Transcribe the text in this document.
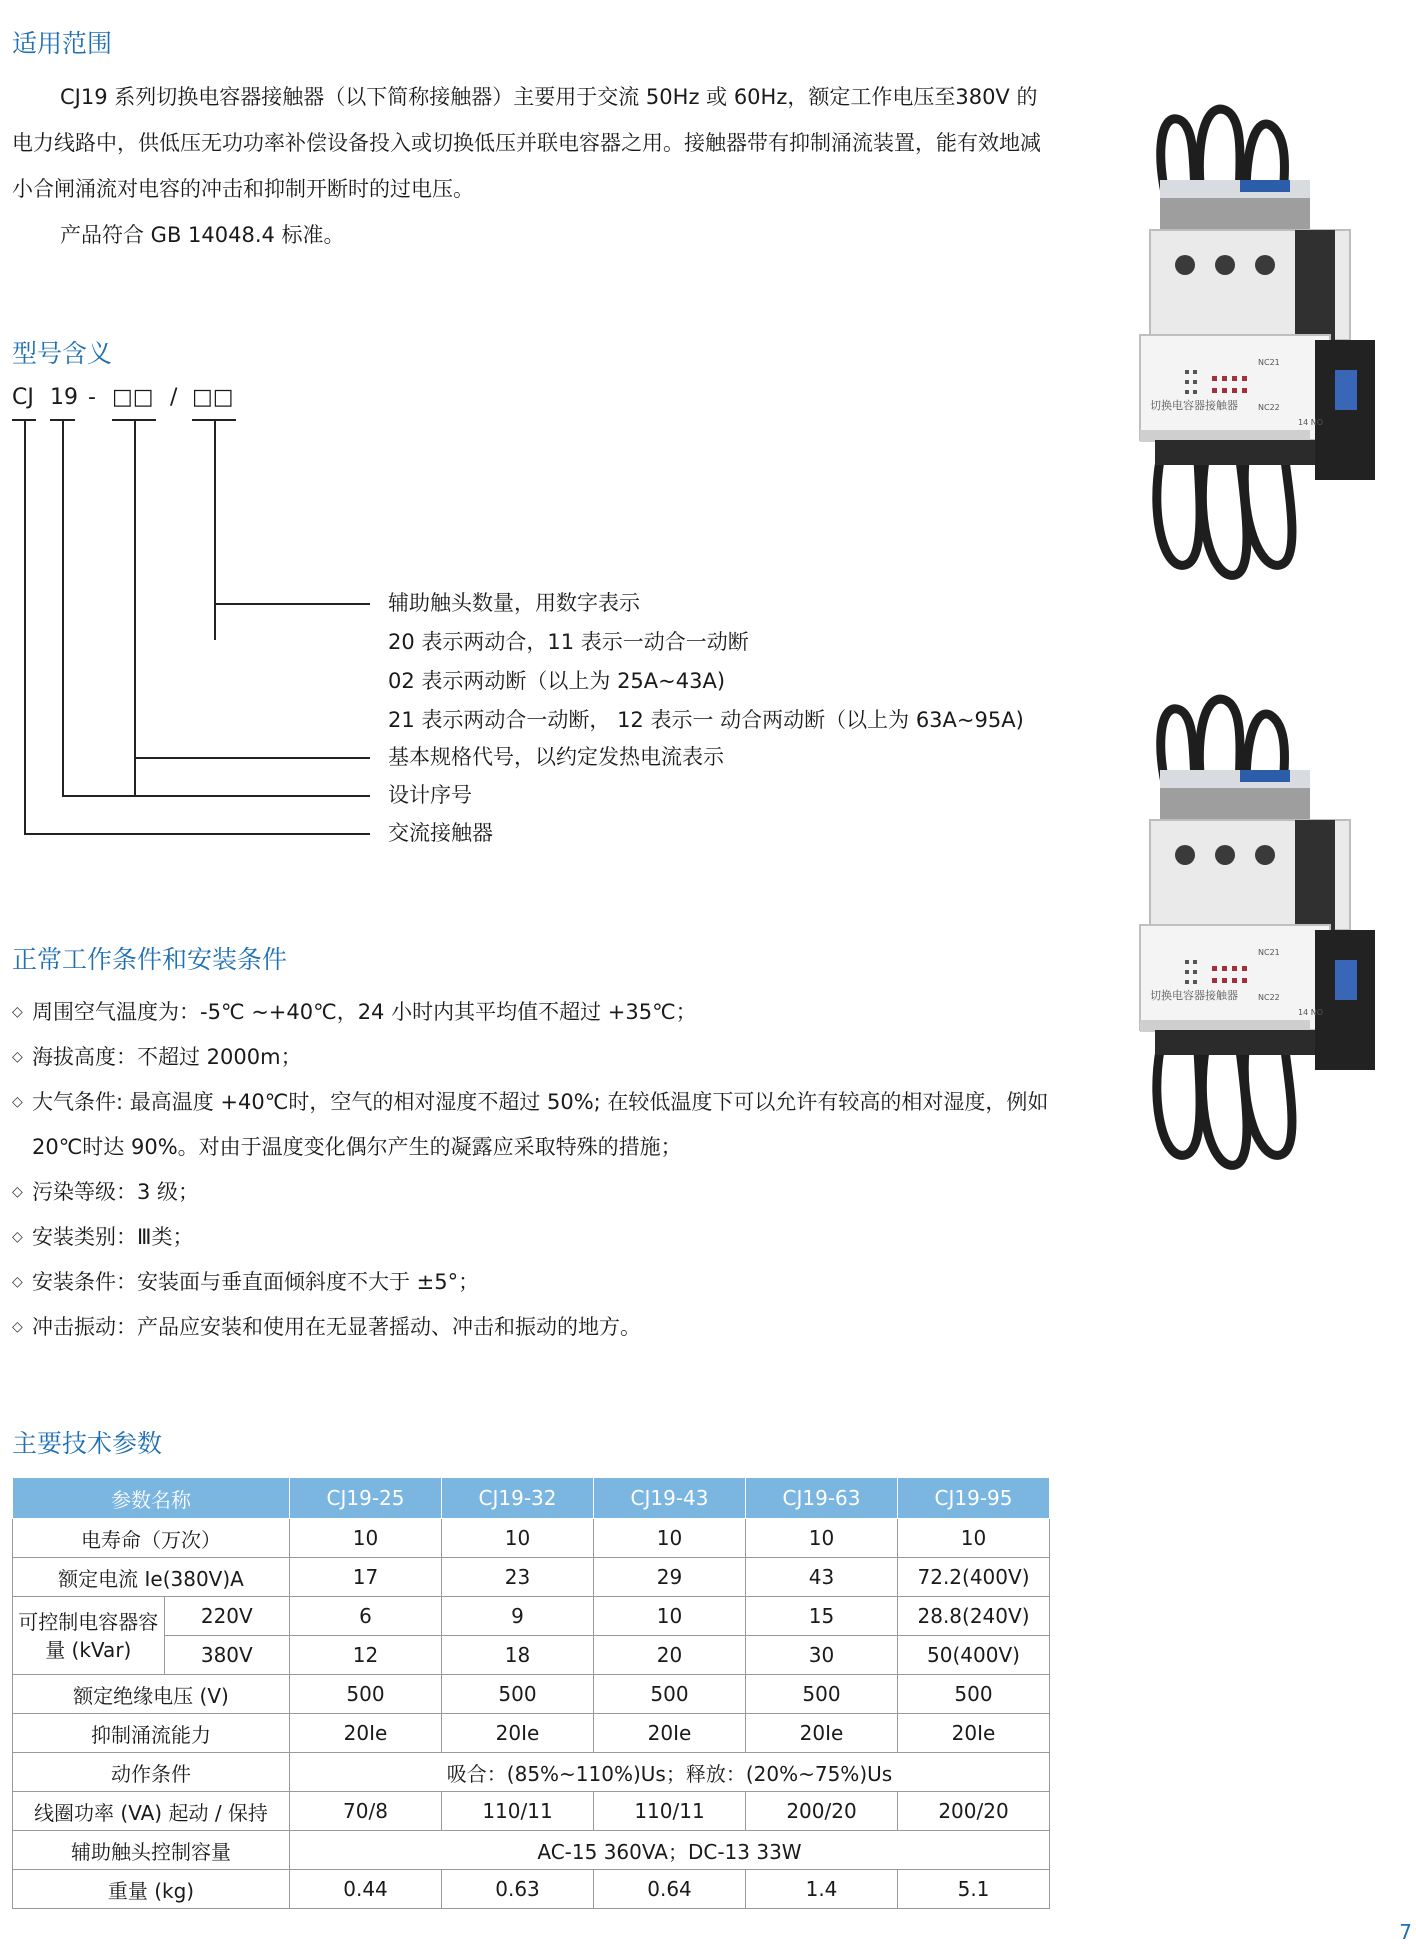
适用范围

CJ19 系列切换电容器接触器（以下简称接触器）主要用于交流 50Hz 或 60Hz，额定工作电压至380V 的电力线路中，供低压无功功率补偿设备投入或切换低压并联电容器之用。接触器带有抑制涌流装置，能有效地减小合闸涌流对电容的冲击和抑制开断时的过电压。

产品符合 GB 14048.4 标准。

型号含义
CJ 19 - □□ / □□
辅助触头数量，用数字表示
20 表示两动合，11 表示一动合一动断
02 表示两动断（以上为 25A~43A)
21 表示两动合一动断， 12 表示一 动合两动断（以上为 63A~95A)
基本规格代号，以约定发热电流表示
设计序号
交流接触器
正常工作条件和安装条件
◇ 周围空气温度为：-5℃ ~+40℃，24 小时内其平均值不超过 +35℃；
◇ 海拔高度：不超过 2000m；
◇ 大气条件: 最高温度 +40℃时，空气的相对湿度不超过 50%; 在较低温度下可以允许有较高的相对湿度，例如 20℃时达 90%。对由于温度变化偶尔产生的凝露应采取特殊的措施；
◇ 污染等级：3 级；
◇ 安装类别：Ⅲ类；
◇ 安装条件：安装面与垂直面倾斜度不大于 ±5°；
◇ 冲击振动：产品应安装和使用在无显著摇动、冲击和振动的地方。
主要技术参数
参数名称		CJ19-25	CJ19-32	CJ19-43	CJ19-63	CJ19-95
电寿命（万次）		10	10	10	10	10
额定电流 Ie(380V)A		17	23	29	43	72.2(400V)
可控制电容器容量 (kVar)	220V	6	9	10	15	28.8(240V)
	380V	12	18	20	30	50(400V)
额定绝缘电压 (V)		500	500	500	500	500
抑制涌流能力		20Ie	20Ie	20Ie	20Ie	20Ie
动作条件		吸合：(85%~110%)Us；释放：(20%~75%)Us				
线圈功率 (VA) 起动 / 保持		70/8	110/11	110/11	200/20	200/20
辅助触头控制容量		AC-15 360VA；DC-13 33W				
重量 (kg)		0.44	0.63	0.64	1.4	5.1
切换电容器接触器
NC21
NC22
14 NO
切换电容器接触器
NC21
NC22
14 NO
7
